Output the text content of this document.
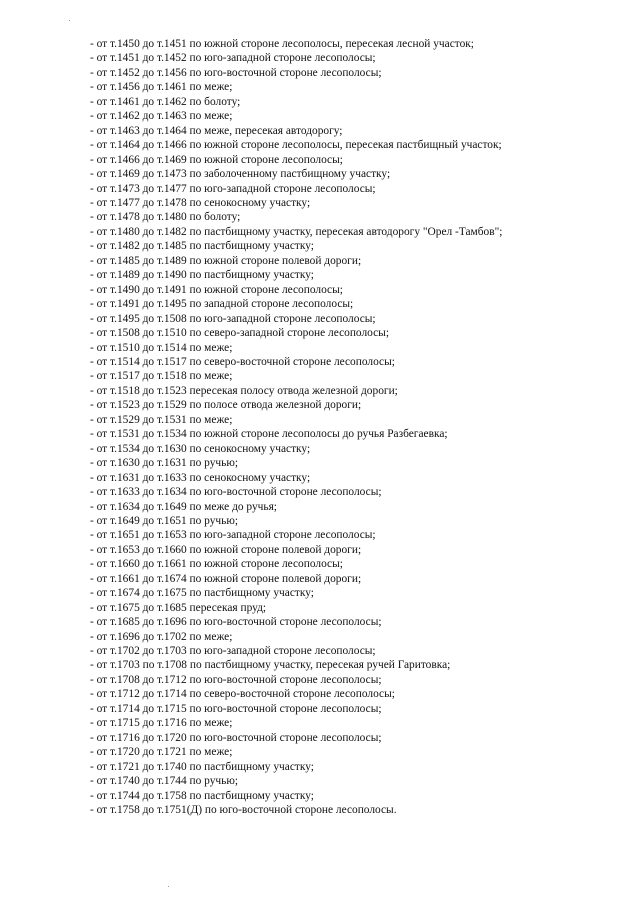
- от т.1450 до т.1451 по южной стороне лесополосы, пересекая лесной участок;
- от т.1451 до т.1452 по юго-западной стороне лесополосы;
- от т.1452 до т.1456 по юго-восточной стороне лесополосы;
- от т.1456 до т.1461 по меже;
- от т.1461 до т.1462 по болоту;
- от т.1462 до т.1463 по меже;
- от т.1463 до т.1464 по меже, пересекая автодорогу;
- от т.1464 до т.1466 по южной стороне лесополосы, пересекая пастбищный участок;
- от т.1466 до т.1469 по южной стороне лесополосы;
- от т.1469 до т.1473 по заболоченному пастбищному участку;
- от т.1473 до т.1477 по юго-западной стороне лесополосы;
- от т.1477 до т.1478 по сенокосному участку;
- от т.1478 до т.1480 по болоту;
- от т.1480 до т.1482 по пастбищному участку, пересекая автодорогу "Орел -Тамбов";
- от т.1482 до т.1485 по пастбищному участку;
- от т.1485 до т.1489 по южной стороне полевой дороги;
- от т.1489 до т.1490 по пастбищному участку;
- от т.1490 до т.1491 по южной стороне лесополосы;
- от т.1491 до т.1495 по западной стороне лесополосы;
- от т.1495 до т.1508 по юго-западной стороне лесополосы;
- от т.1508 до т.1510 по северо-западной стороне лесополосы;
- от т.1510 до т.1514 по меже;
- от т.1514 до т.1517 по северо-восточной стороне лесополосы;
- от т.1517 до т.1518 по меже;
- от т.1518 до т.1523 пересекая полосу отвода железной дороги;
- от т.1523 до т.1529 по полосе отвода железной дороги;
- от т.1529 до т.1531 по меже;
- от т.1531 до т.1534 по южной стороне лесополосы до ручья Разбегаевка;
- от т.1534 до т.1630 по сенокосному участку;
- от т.1630 до т.1631 по ручью;
- от т.1631 до т.1633 по сенокосному участку;
- от т.1633 до т.1634 по юго-восточной стороне лесополосы;
- от т.1634 до т.1649 по меже до ручья;
- от т.1649 до т.1651 по ручью;
- от т.1651 до т.1653 по юго-западной стороне лесополосы;
- от т.1653 до т.1660 по южной стороне полевой дороги;
- от т.1660 до т.1661 по южной стороне лесополосы;
- от т.1661 до т.1674 по южной стороне полевой дороги;
- от т.1674 до т.1675 по пастбищному участку;
- от т.1675 до т.1685 пересекая пруд;
- от т.1685 до т.1696 по юго-восточной стороне лесополосы;
- от т.1696 до т.1702 по меже;
- от т.1702 до т.1703 по юго-западной стороне лесополосы;
- от т.1703 по т.1708 по пастбищному участку, пересекая ручей Гаритовка;
- от т.1708 до т.1712 по юго-восточной стороне лесополосы;
- от т.1712 до т.1714 по северо-восточной стороне лесополосы;
- от т.1714 до т.1715 по юго-восточной стороне лесополосы;
- от т.1715 до т.1716 по меже;
- от т.1716 до т.1720 по юго-восточной стороне лесополосы;
- от т.1720 до т.1721 по меже;
- от т.1721 до т.1740 по пастбищному участку;
- от т.1740 до т.1744 по ручью;
- от т.1744 до т.1758 по пастбищному участку;
- от т.1758 до т.1751(Д) по юго-восточной стороне лесополосы.
